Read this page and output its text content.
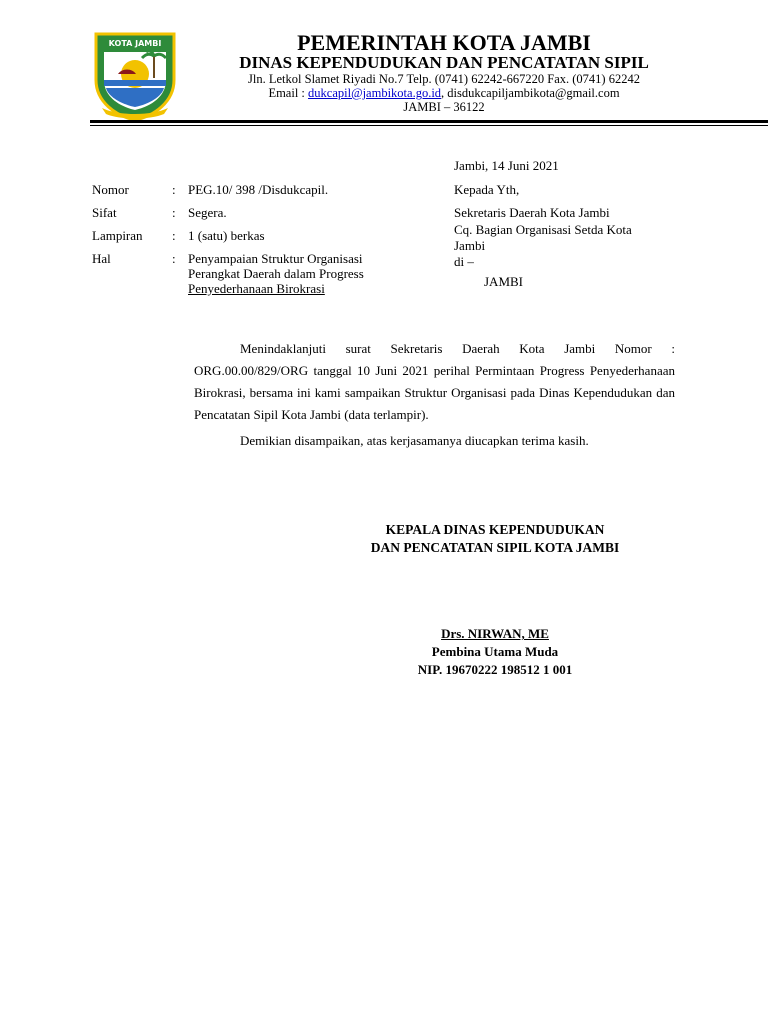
KOTA JAMBI	PEMERINTAH KOTA JAMBI
DINAS KEPENDUDUKAN DAN PENCATATAN SIPIL
Jln. Letkol Slamet Riyadi No.7 Telp. (0741) 62242-667220 Fax. (0741) 62242
Email : dukcapil@jambikota.go.id, disdukcapiljambikota@gmail.com
JAMBI – 36122
Jambi, 14 Juni 2021
Nomor	: PEG.10/ 398 /Disdukcapil.
Sifat	: Segera.
Lampiran : 1 (satu) berkas
Hal	: Penyampaian Struktur Organisasi
Perangkat Daerah dalam Progress
Penyederhanaan Birokrasi
Kepada Yth,
Sekretaris Daerah Kota Jambi
Cq. Bagian Organisasi Setda Kota
Jambi
di –
JAMBI

Menindaklanjuti surat Sekretaris Daerah Kota Jambi Nomor : ORG.00.00/829/ORG tanggal 10 Juni 2021 perihal Permintaan Progress Penyederhanaan Birokrasi, bersama ini kami sampaikan Struktur Organisasi pada Dinas Kependudukan dan Pencatatan Sipil Kota Jambi (data terlampir).

Demikian disampaikan, atas kerjasamanya diucapkan terima kasih.

KEPALA DINAS KEPENDUDUKAN
DAN PENCATATAN SIPIL KOTA JAMBI
Drs. NIRWAN, ME
Pembina Utama Muda
NIP. 19670222 198512 1 001
